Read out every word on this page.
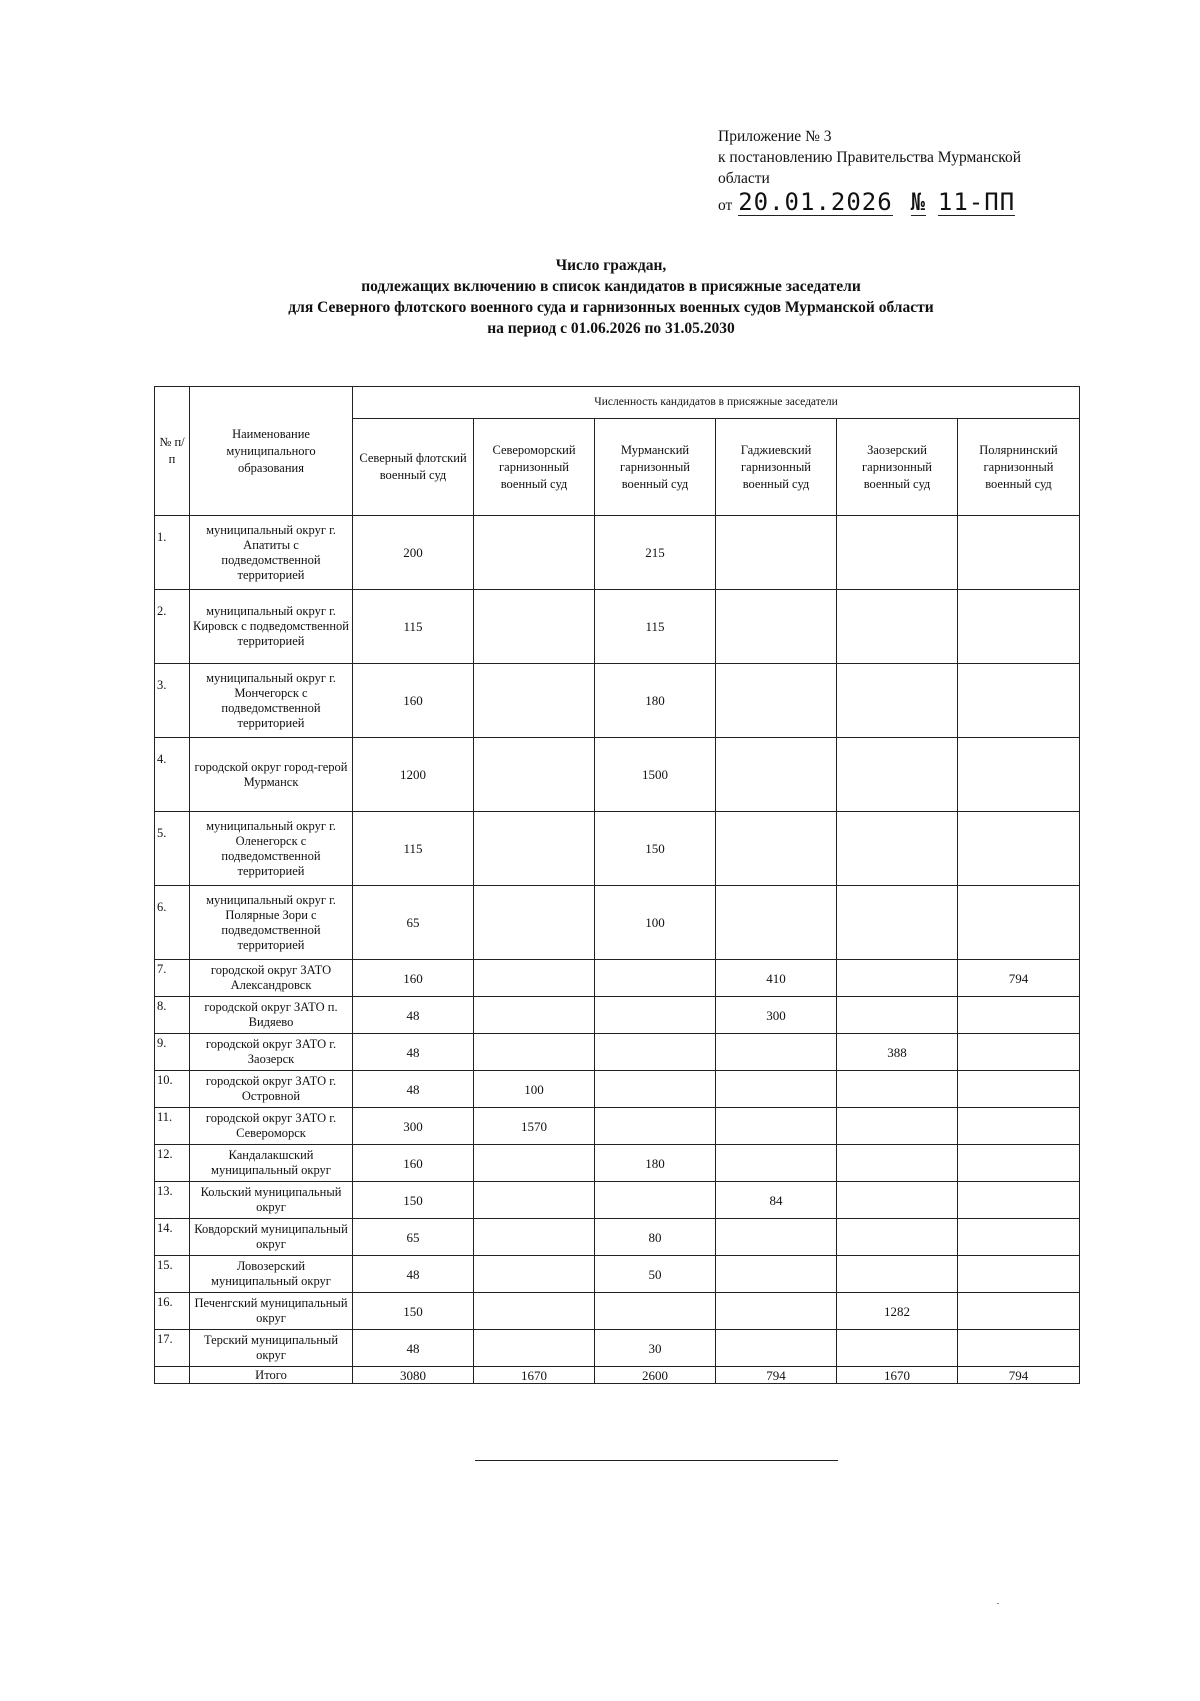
Приложение № 3
к постановлению Правительства Мурманской
области
от 20.01.2026 № 11-ПП
Число граждан,
подлежащих включению в список кандидатов в присяжные заседатели
для Северного флотского военного суда и гарнизонных военных судов Мурманской области
на период с 01.06.2026 по 31.05.2030
№ п/п	Наименование муниципального образования	Численность кандидатов в присяжные заседатели					
		Северный флотский военный суд	Североморский гарнизонный военный суд	Мурманский гарнизонный военный суд	Гаджиевский гарнизонный военный суд	Заозерский гарнизонный военный суд	Полярнинский гарнизонный военный суд
1.	муниципальный округ г. Апатиты с подведомственной территорией	200		215			
2.	муниципальный округ г. Кировск с подведомственной территорией	115		115			
3.	муниципальный округ г. Мончегорск с подведомственной территорией	160		180			
4.	городской округ город-герой Мурманск	1200		1500			
5.	муниципальный округ г. Оленегорск с подведомственной территорией	115		150			
6.	муниципальный округ г. Полярные Зори с подведомственной территорией	65		100			
7.	городской округ ЗАТО Александровск	160			410		794
8.	городской округ ЗАТО п. Видяево	48			300		
9.	городской округ ЗАТО г. Заозерск	48				388	
10.	городской округ ЗАТО г. Островной	48	100				
11.	городской округ ЗАТО г. Североморск	300	1570				
12.	Кандалакшский муниципальный округ	160		180			
13.	Кольский муниципальный округ	150			84		
14.	Ковдорский муниципальный округ	65		80			
15.	Ловозерский муниципальный округ	48		50			
16.	Печенгский муниципальный округ	150				1282	
17.	Терский муниципальный округ	48		30			
	Итого	3080	1670	2600	794	1670	794
